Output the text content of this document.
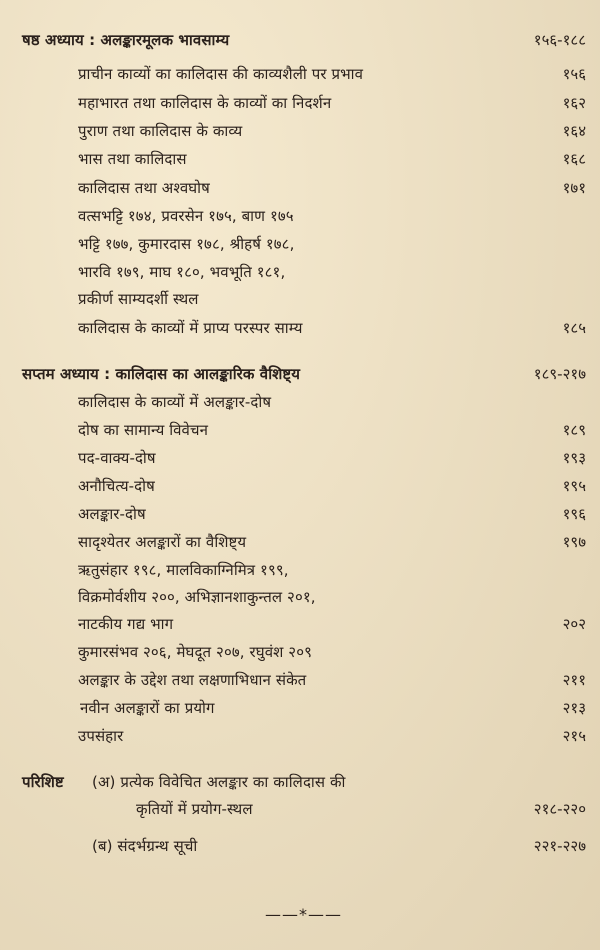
षष्ठ अध्याय : अलङ्कारमूलक भावसाम्य	१५६-१८८
प्राचीन काव्यों का कालिदास की काव्यशैली पर प्रभाव	१५६
महाभारत तथा कालिदास के काव्यों का निदर्शन	१६२
पुराण तथा कालिदास के काव्य	१६४
भास तथा कालिदास	१६८
कालिदास तथा अश्वघोष	१७१
वत्सभट्टि १७४, प्रवरसेन १७५, बाण १७५
भट्टि १७७, कुमारदास १७८, श्रीहर्ष १७८,
भारवि १७९, माघ १८०, भवभूति १८१,
प्रकीर्ण साम्यदर्शी स्थल
कालिदास के काव्यों में प्राप्य परस्पर साम्य	१८५
सप्तम अध्याय : कालिदास का आलङ्कारिक वैशिष्ट्य	१८९-२१७
कालिदास के काव्यों में अलङ्कार-दोष
दोष का सामान्य विवेचन	१८९
पद-वाक्य-दोष	१९३
अनौचित्य-दोष	१९५
अलङ्कार-दोष	१९६
सादृश्येतर अलङ्कारों का वैशिष्ट्य	१९७
ऋतुसंहार १९८, मालविकाग्निमित्र १९९,
विक्रमोर्वशीय २००, अभिज्ञानशाकुन्तल २०१,
नाटकीय गद्य भाग	२०२
कुमारसंभव २०६, मेघदूत २०७, रघुवंश २०९
अलङ्कार के उद्देश तथा लक्षणाभिधान संकेत	२११
नवीन अलङ्कारों का प्रयोग	२१३
उपसंहार	२१५
परिशिष्ट (अ) प्रत्येक विवेचित अलङ्कार का कालिदास की
कृतियों में प्रयोग-स्थल	२१८-२२०
(ब) संदर्भग्रन्थ सूची	२२१-२२७
——*——
